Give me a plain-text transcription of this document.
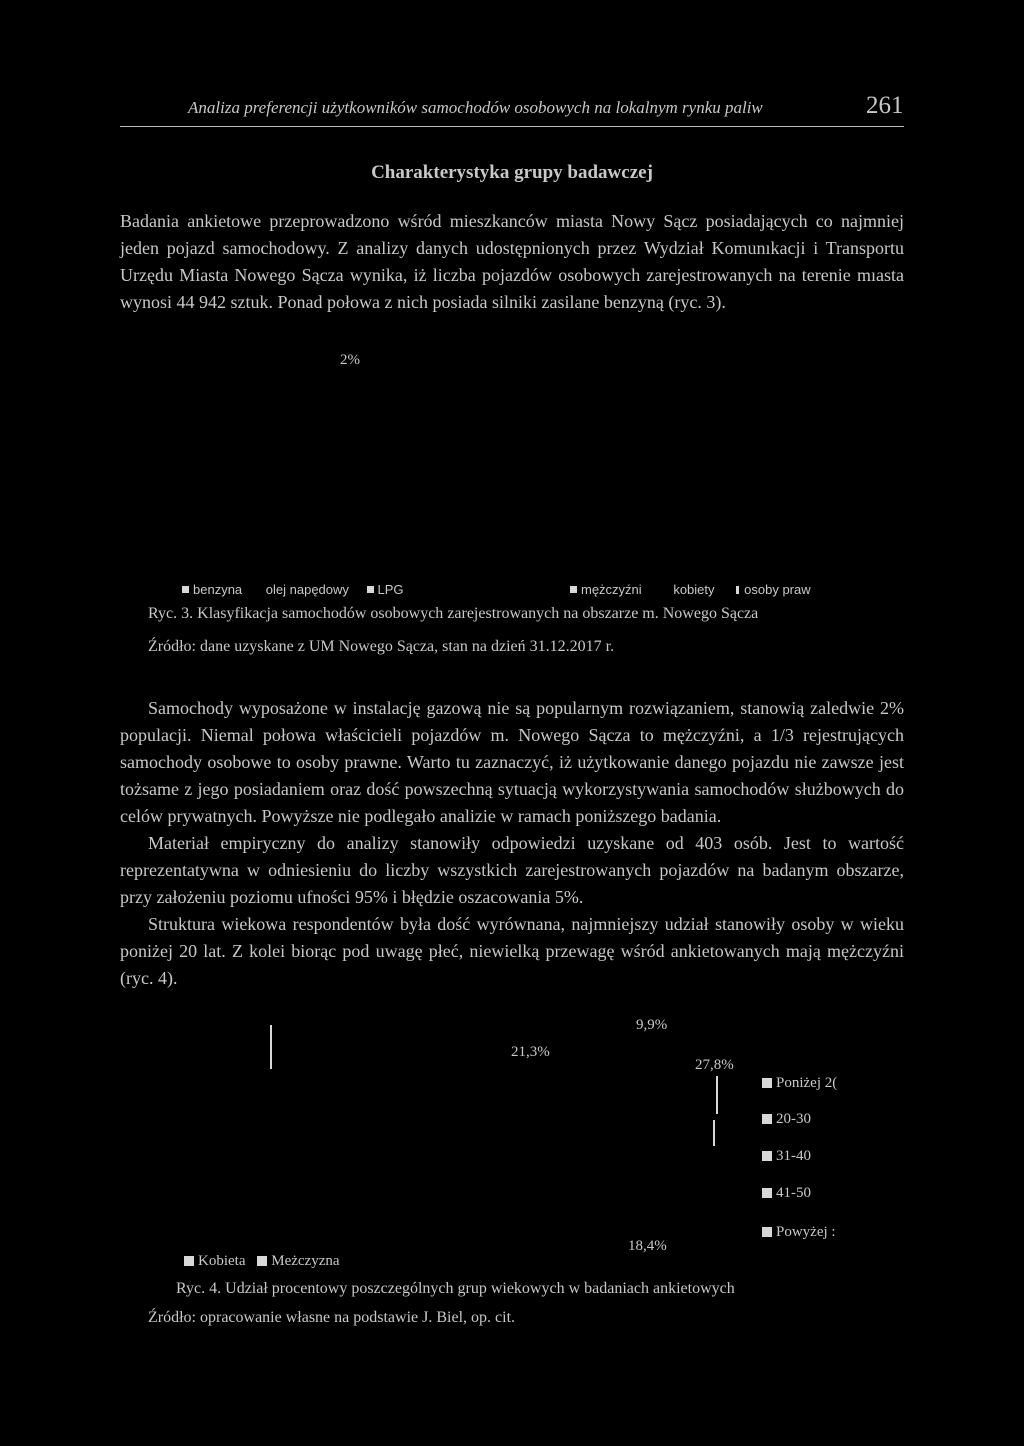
Analiza preferencji użytkowników samochodów osobowych na lokalnym rynku paliw	261
Charakterystyka grupy badawczej

Badania ankietowe przeprowadzono wśród mieszkanców miasta Nowy Sącz posiadających co najmniej jeden pojazd samochodowy. Z analizy danych udostępnionych przez Wydział Komunıkacji i Transportu Urzędu Miasta Nowego Sącza wynika, iż liczba pojazdów osobowych zarejestrowanych na terenie mıasta wynosi 44 942 sztuk. Ponad połowa z nich posiada silniki zasilane benzyną (ryc. 3).

2%
benzyna olej napędowy LPG	mężczyźni kobiety osoby praw
Ryc. 3. Klasyfikacja samochodów osobowych zarejestrowanych na obszarze m. Nowego Sącza
Źródło: dane uzyskane z UM Nowego Sącza, stan na dzień 31.12.2017 r.

Samochody wyposażone w instalację gazową nie są popularnym rozwiązaniem, stanowią zaledwie 2% populacji. Niemal połowa właścicieli pojazdów m. Nowego Sącza to mężczyźni, a 1/3 rejestrujących samochody osobowe to osoby prawne. Warto tu zaznaczyć, iż użytkowanie danego pojazdu nie zawsze jest tożsame z jego posiadaniem oraz dość powszechną sytuacją wykorzystywania samochodów służbowych do celów prywatnych. Powyższe nie podlegało analizie w ramach poniższego badania.

Materiał empiryczny do analizy stanowiły odpowiedzi uzyskane od 403 osób. Jest to wartość reprezentatywna w odniesieniu do liczby wszystkich zarejestrowanych pojazdów na badanym obszarze, przy założeniu poziomu ufności 95% i błędzie oszacowania 5%.

Struktura wiekowa respondentów była dość wyrównana, najmniejszy udział stanowiły osoby w wieku poniżej 20 lat. Z kolei biorąc pod uwagę płeć, niewielką przewagę wśród ankietowanych mają mężczyźni (ryc. 4).

9,9%
21,3%
27,8%
18,4%
Poniżej 2(
20-30
31-40
41-50
Powyżej :
Kobieta Meżczyzna
Ryc. 4. Udział procentowy poszczególnych grup wiekowych w badaniach ankietowych
Źródło: opracowanie własne na podstawie J. Biel, op. cit.
